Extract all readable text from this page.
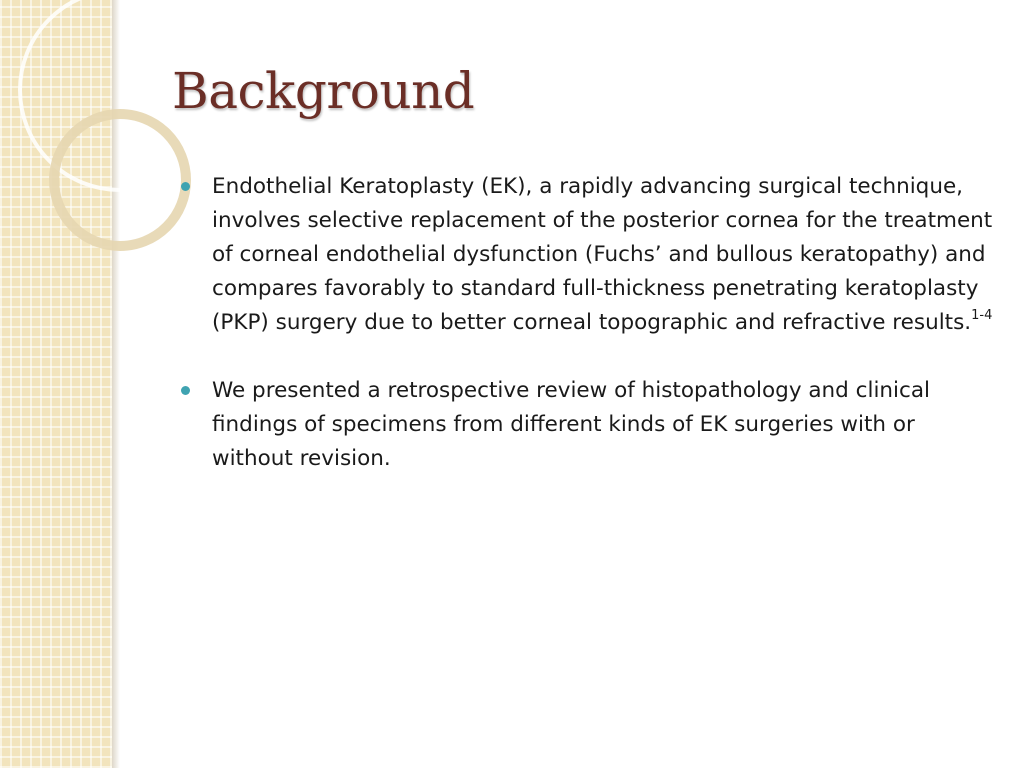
Background
Endothelial Keratoplasty (EK), a rapidly advancing surgical technique, involves selective replacement of the posterior cornea for the treatment of corneal endothelial dysfunction (Fuchs’ and bullous keratopathy) and compares favorably to standard full-thickness penetrating keratoplasty (PKP) surgery due to better corneal topographic and refractive results.$^{1-4}$
We presented a retrospective review of histopathology and clinical findings of specimens from different kinds of EK surgeries with or without revision.
